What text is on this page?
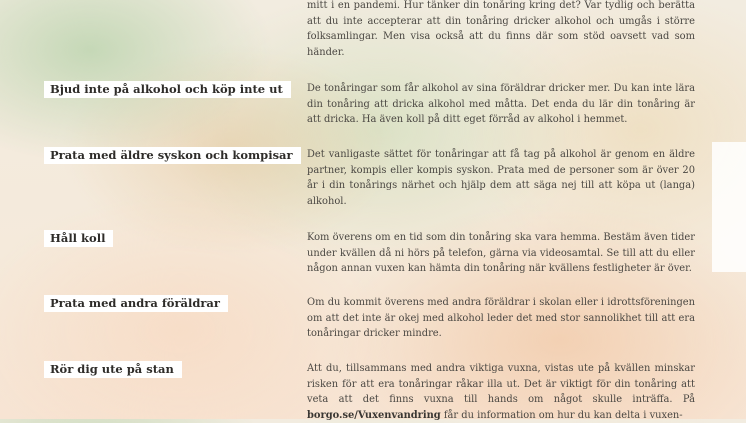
mitt i en pandemi. Hur tänker din tonåring kring det? Var tydlig och berätta att du inte accepterar att din tonåring dricker alkohol och umgås i större folksamlingar. Men visa också att du finns där som stöd oavsett vad som händer.

Bjud inte på alkohol och köp inte ut	De tonåringar som får alkohol av sina föräldrar dricker mer. Du kan inte lära din tonåring att dricka alkohol med måtta. Det enda du lär din tonåring är att dricka. Ha även koll på ditt eget förråd av alkohol i hemmet.

Prata med äldre syskon och kompisar	Det vanligaste sättet för tonåringar att få tag på alkohol är genom en äldre partner, kompis eller kompis syskon. Prata med de personer som är över 20 år i din tonårings närhet och hjälp dem att säga nej till att köpa ut (langa) alkohol.

Håll koll	Kom överens om en tid som din tonåring ska vara hemma. Bestäm även tider under kvällen då ni hörs på telefon, gärna via videosamtal. Se till att du eller någon annan vuxen kan hämta din tonåring när kvällens festligheter är över.

Prata med andra föräldrar	Om du kommit överens med andra föräldrar i skolan eller i idrottsföreningen om att det inte är okej med alkohol leder det med stor sannolikhet till att era tonåringar dricker mindre.

Rör dig ute på stan	Att du, tillsammans med andra viktiga vuxna, vistas ute på kvällen minskar risken för att era tonåringar råkar illa ut. Det är viktigt för din tonåring att veta att det finns vuxna till hands om något skulle inträffa. På borgo.se/Vuxenvandring får du information om hur du kan delta i vuxen-
